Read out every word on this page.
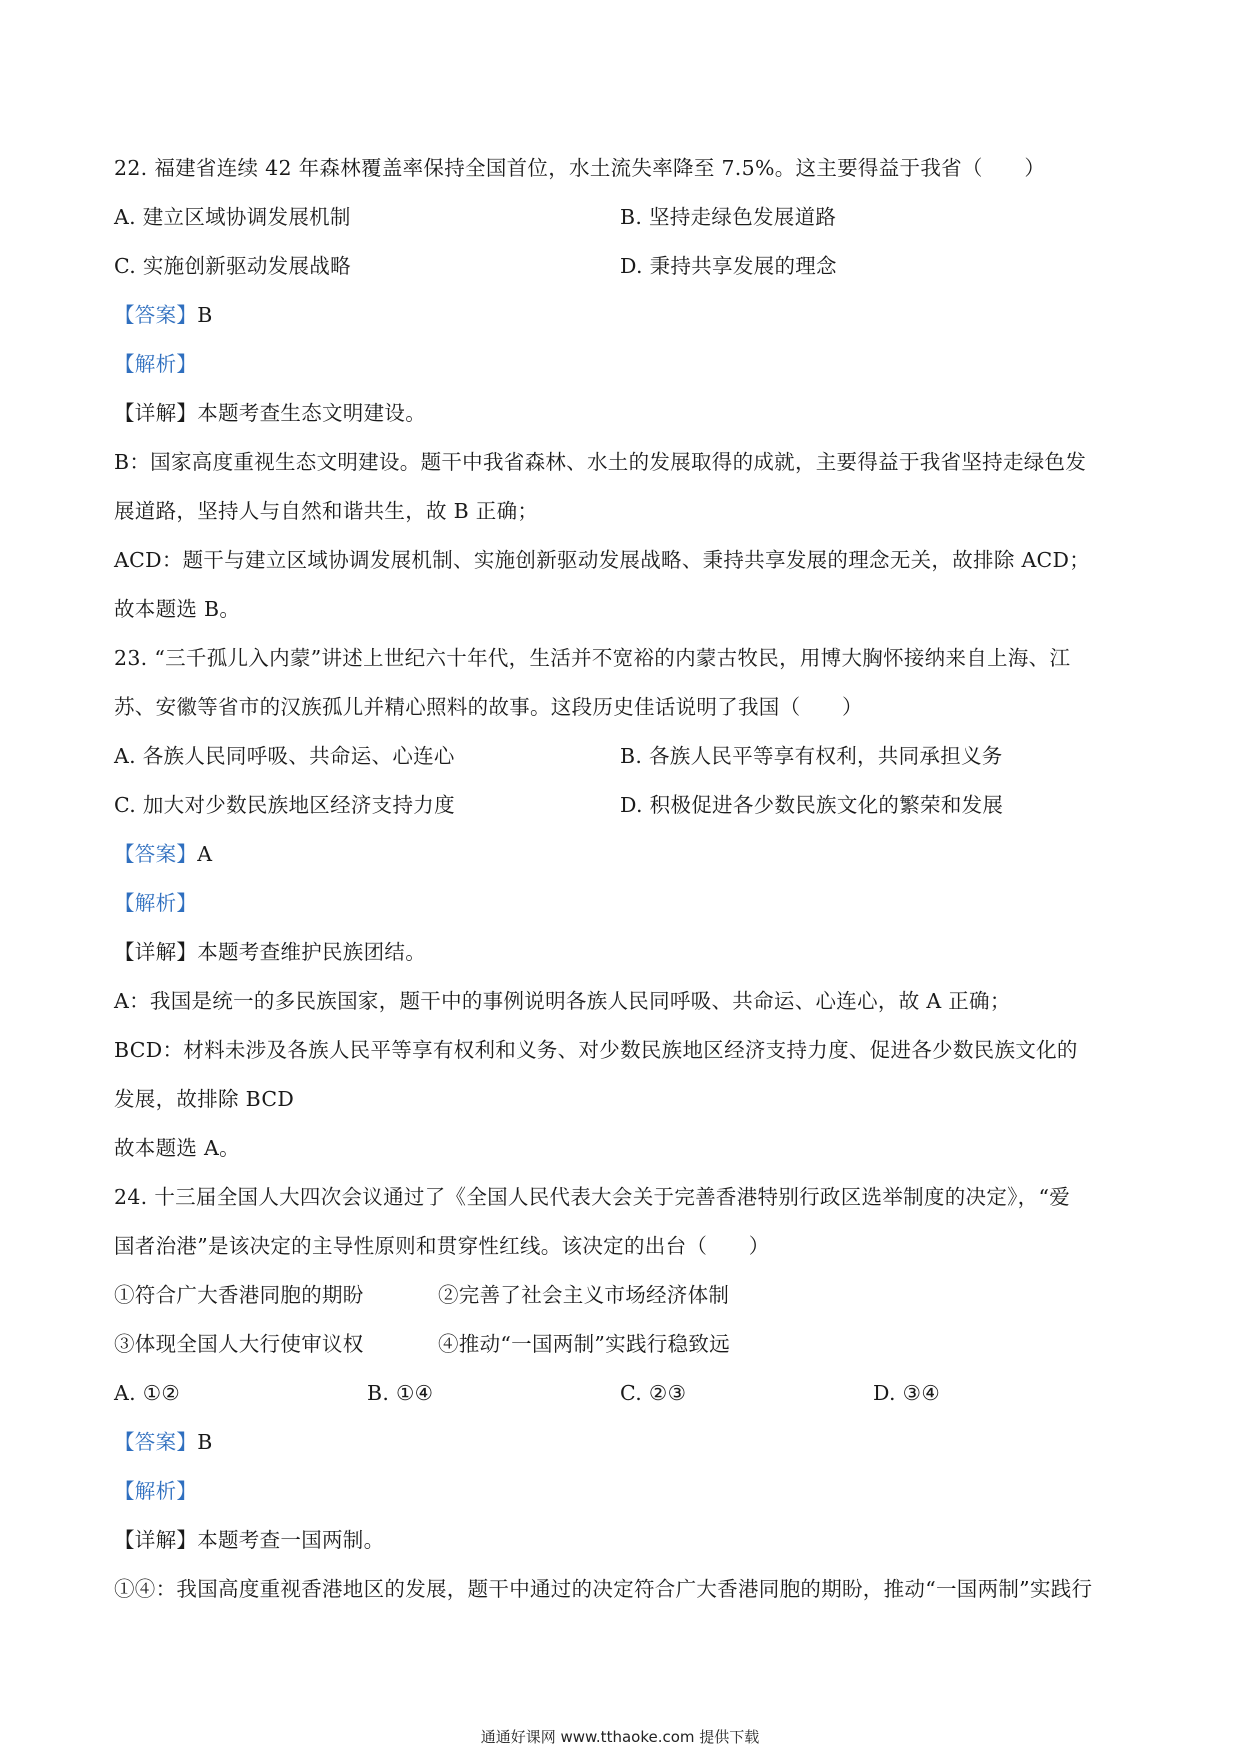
22. 福建省连续 42 年森林覆盖率保持全国首位，水土流失率降至 7.5%。这主要得益于我省（　　）
A. 建立区域协调发展机制	B. 坚持走绿色发展道路
C. 实施创新驱动发展战略	D. 秉持共享发展的理念
【答案】B
【解析】
【详解】本题考查生态文明建设。
B：国家高度重视生态文明建设。题干中我省森林、水土的发展取得的成就，主要得益于我省坚持走绿色发
展道路，坚持人与自然和谐共生，故 B 正确；
ACD：题干与建立区域协调发展机制、实施创新驱动发展战略、秉持共享发展的理念无关，故排除 ACD；
故本题选 B。
23. “三千孤儿入内蒙”讲述上世纪六十年代，生活并不宽裕的内蒙古牧民，用博大胸怀接纳来自上海、江
苏、安徽等省市的汉族孤儿并精心照料的故事。这段历史佳话说明了我国（　　）
A. 各族人民同呼吸、共命运、心连心	B. 各族人民平等享有权利，共同承担义务
C. 加大对少数民族地区经济支持力度	D. 积极促进各少数民族文化的繁荣和发展
【答案】A
【解析】
【详解】本题考查维护民族团结。
A：我国是统一的多民族国家，题干中的事例说明各族人民同呼吸、共命运、心连心，故 A 正确；
BCD：材料未涉及各族人民平等享有权利和义务、对少数民族地区经济支持力度、促进各少数民族文化的
发展，故排除 BCD
故本题选 A。
24. 十三届全国人大四次会议通过了《全国人民代表大会关于完善香港特别行政区选举制度的决定》，“爱
国者治港”是该决定的主导性原则和贯穿性红线。该决定的出台（　　）
①符合广大香港同胞的期盼	②完善了社会主义市场经济体制
③体现全国人大行使审议权	④推动“一国两制”实践行稳致远
A. ①②	B. ①④	C. ②③	D. ③④
【答案】B
【解析】
【详解】本题考查一国两制。
①④：我国高度重视香港地区的发展，题干中通过的决定符合广大香港同胞的期盼，推动“一国两制”实践行
通通好课网 www.tthaoke.com 提供下载
